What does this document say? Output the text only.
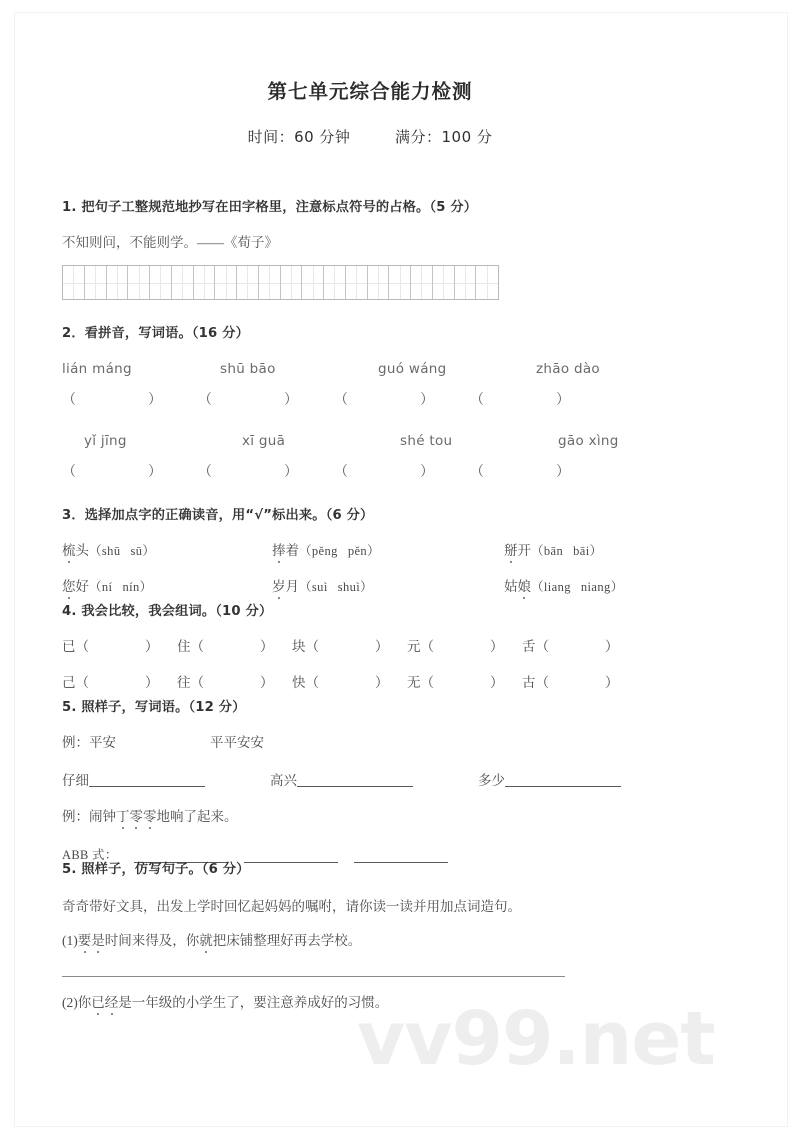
第七单元综合能力检测
时间：60 分钟	满分：100 分
1. 把句子工整规范地抄写在田字格里，注意标点符号的占格。（5 分）
不知则问，不能则学。——《荀子》
2．看拼音，写词语。（16 分）
lián máng	shū bāo	guó wáng	zhāo dào
（	）	（	）	（	）	（	）
yǐ jīng	xī guā	shé tou	gāo xìng
（	）	（	）	（	）	（	）
3．选择加点字的正确读音，用“√”标出来。（6 分）
梳头（shū sū）	捧着（pěng pěn）	掰开（bān bāi）
您好（ní nín）	岁月（suì shuì）	姑娘（liang niang）
4. 我会比较，我会组词。（10 分）
已（	）	住（	）	块（	）	元（	）	舌（	）
己（	）	往（	）	快（	）	无（	）	古（	）
5. 照样子，写词语。（12 分）
例：平安	平平安安
仔细	高兴	多少
例：闹钟 丁 零 零 地响了起来。
ABB 式：
5. 照样子，仿写句子。（6 分）
奇奇带好文具，出发上学时回忆起妈妈的嘱咐，请你读一读并用加点词造句。
(1)要是时间来得及，你就把床铺整理好再去学校。
(2)你已经是一年级的小学生了，要注意养成好的习惯。
vv99.net
